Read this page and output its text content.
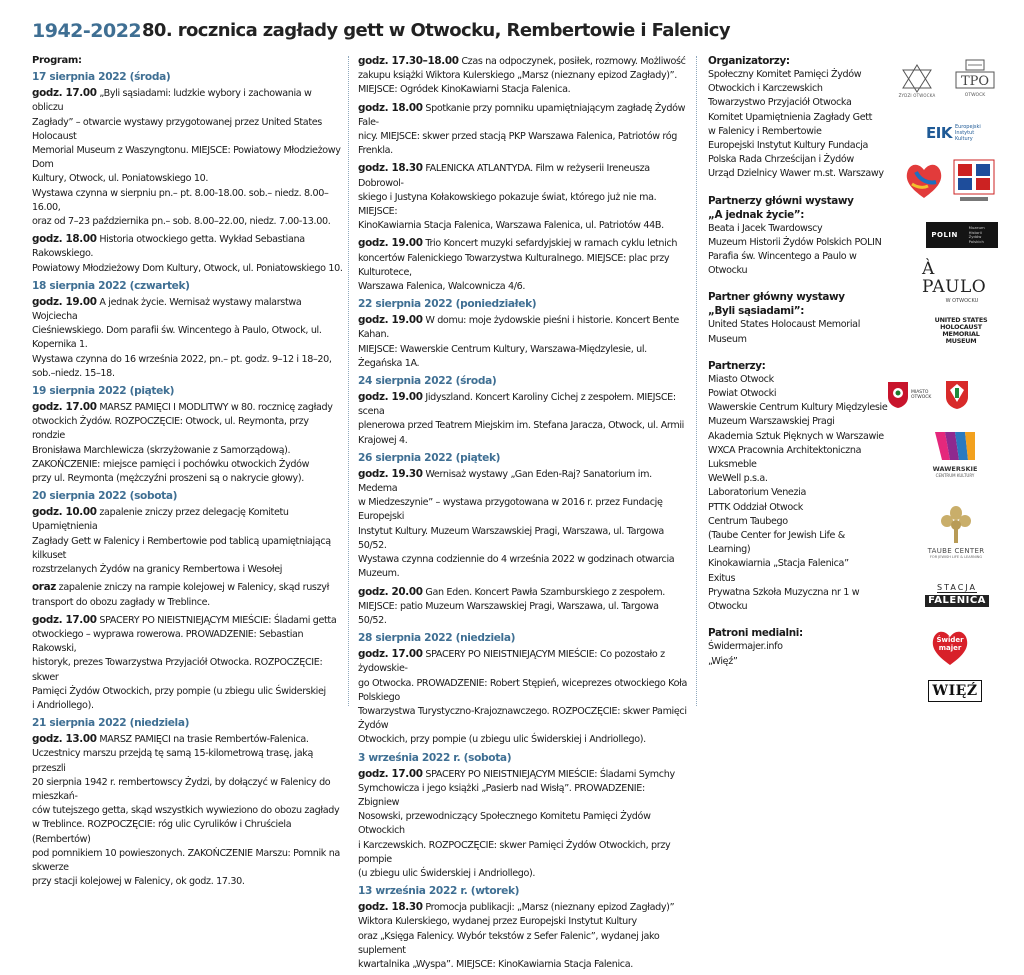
1942-2022 80. rocznica zagłady gett w Otwocku, Rembertowie i Falenicy
Program:
17 sierpnia 2022 (środa)

godz. 17.00 „Byli sąsiadami: ludzkie wybory i zachowania w obliczu

Zagłady” – otwarcie wystawy przygotowanej przez United States Holocaust

Memorial Museum z Waszyngtonu. MIEJSCE: Powiatowy Młodzieżowy Dom

Kultury, Otwock, ul. Poniatowskiego 10.

Wystawa czynna w sierpniu pn.– pt. 8.00-18.00. sob.– niedz. 8.00–16.00,

oraz od 7–23 października pn.– sob. 8.00–22.00, niedz. 7.00-13.00.

godz. 18.00 Historia otwockiego getta. Wykład Sebastiana Rakowskiego.

Powiatowy Młodzieżowy Dom Kultury, Otwock, ul. Poniatowskiego 10.

18 sierpnia 2022 (czwartek)

godz. 19.00 A jednak życie. Wernisaż wystawy malarstwa Wojciecha

Cieśniewskiego. Dom parafii św. Wincentego à Paulo, Otwock, ul. Kopernika 1.

Wystawa czynna do 16 września 2022, pn.– pt. godz. 9–12 i 18–20,

sob.–niedz. 15–18.

19 sierpnia 2022 (piątek)

godz. 17.00 MARSZ PAMIĘCI I MODLITWY w 80. rocznicę zagłady

otwockich Żydów. ROZPOCZĘCIE: Otwock, ul. Reymonta, przy rondzie

Bronisława Marchlewicza (skrzyżowanie z Samorządową).

ZAKOŃCZENIE: miejsce pamięci i pochówku otwockich Żydów

przy ul. Reymonta (mężczyźni proszeni są o nakrycie głowy).

20 sierpnia 2022 (sobota)

godz. 10.00 zapalenie zniczy przez delegację Komitetu Upamiętnienia

Zagłady Gett w Falenicy i Rembertowie pod tablicą upamiętniającą kilkuset

rozstrzelanych Żydów na granicy Rembertowa i Wesołej

oraz zapalenie zniczy na rampie kolejowej w Falenicy, skąd ruszył

transport do obozu zagłady w Treblince.

godz. 17.00 SPACERY PO NIEISTNIEJĄCYM MIEŚCIE: Śladami getta

otwockiego – wyprawa rowerowa. PROWADZENIE: Sebastian Rakowski,

historyk, prezes Towarzystwa Przyjaciół Otwocka. ROZPOCZĘCIE: skwer

Pamięci Żydów Otwockich, przy pompie (u zbiegu ulic Świderskiej

i Andriollego).

21 sierpnia 2022 (niedziela)

godz. 13.00 MARSZ PAMIĘCI na trasie Rembertów-Falenica.

Uczestnicy marszu przejdą tę samą 15-kilometrową trasę, jaką przeszli

20 sierpnia 1942 r. rembertowscy Żydzi, by dołączyć w Falenicy do mieszkań-

ców tutejszego getta, skąd wszystkich wywieziono do obozu zagłady

w Treblince. ROZPOCZĘCIE: róg ulic Cyrulików i Chruściela (Rembertów)

pod pomnikiem 10 powieszonych. ZAKOŃCZENIE Marszu: Pomnik na skwerze

przy stacji kolejowej w Falenicy, ok godz. 17.30.

godz. 17.30–18.00 Czas na odpoczynek, posiłek, rozmowy. Możliwość

zakupu książki Wiktora Kulerskiego „Marsz (nieznany epizod Zagłady)”.

MIEJSCE: Ogródek KinoKawiarni Stacja Falenica.

godz. 18.00 Spotkanie przy pomniku upamiętniającym zagładę Żydów Fale-

nicy. MIEJSCE: skwer przed stacją PKP Warszawa Falenica, Patriotów róg Frenkla.

godz. 18.30 FALENICKA ATLANTYDA. Film w reżyserii Ireneusza Dobrowol-

skiego i Justyna Kołakowskiego pokazuje świat, którego już nie ma. MIEJSCE:

KinoKawiarnia Stacja Falenica, Warszawa Falenica, ul. Patriotów 44B.

godz. 19.00 Trio Koncert muzyki sefardyjskiej w ramach cyklu letnich

koncertów Falenickiego Towarzystwa Kulturalnego. MIEJSCE: plac przy Kulturotece,

Warszawa Falenica, Walcownicza 4/6.

22 sierpnia 2022 (poniedziałek)

godz. 19.00 W domu: moje żydowskie pieśni i historie. Koncert Bente Kahan.

MIEJSCE: Wawerskie Centrum Kultury, Warszawa-Międzylesie, ul. Żegańska 1A.

24 sierpnia 2022 (środa)

godz. 19.00 Jidyszland. Koncert Karoliny Cichej z zespołem. MIEJSCE: scena

plenerowa przed Teatrem Miejskim im. Stefana Jaracza, Otwock, ul. Armii Krajowej 4.

26 sierpnia 2022 (piątek)

godz. 19.30 Wernisaż wystawy „Gan Eden-Raj? Sanatorium im. Medema

w Miedzeszynie” – wystawa przygotowana w 2016 r. przez Fundację Europejski

Instytut Kultury. Muzeum Warszawskiej Pragi, Warszawa, ul. Targowa 50/52.

Wystawa czynna codziennie do 4 września 2022 w godzinach otwarcia Muzeum.

godz. 20.00 Gan Eden. Koncert Pawła Szamburskiego z zespołem.

MIEJSCE: patio Muzeum Warszawskiej Pragi, Warszawa, ul. Targowa 50/52.

28 sierpnia 2022 (niedziela)

godz. 17.00 SPACERY PO NIEISTNIEJĄCYM MIEŚCIE: Co pozostało z żydowskie-

go Otwocka. PROWADZENIE: Robert Stępień, wiceprezes otwockiego Koła Polskiego

Towarzystwa Turystyczno-Krajoznawczego. ROZPOCZĘCIE: skwer Pamięci Żydów

Otwockich, przy pompie (u zbiegu ulic Świderskiej i Andriollego).

3 września 2022 r. (sobota)

godz. 17.00 SPACERY PO NIEISTNIEJĄCYM MIEŚCIE: Śladami Symchy

Symchowicza i jego książki „Pasierb nad Wisłą”. PROWADZENIE: Zbigniew

Nosowski, przewodniczący Społecznego Komitetu Pamięci Żydów Otwockich

i Karczewskich. ROZPOCZĘCIE: skwer Pamięci Żydów Otwockich, przy pompie

(u zbiegu ulic Świderskiej i Andriollego).

13 września 2022 r. (wtorek)

godz. 18.30 Promocja publikacji: „Marsz (nieznany epizod Zagłady)”

Wiktora Kulerskiego, wydanej przez Europejski Instytut Kultury

oraz „Księga Falenicy. Wybór tekstów z Sefer Falenic”, wydanej jako suplement

kwartalnika „Wyspa”. MIEJSCE: KinoKawiarnia Stacja Falenica.

Organizatorzy:

Społeczny Komitet Pamięci Żydów

Otwockich i Karczewskich

Towarzystwo Przyjaciół Otwocka

Komitet Upamiętnienia Zagłady Gett

w Falenicy i Rembertowie

Europejski Instytut Kultury Fundacja

Polska Rada Chrześcijan i Żydów

Urząd Dzielnicy Wawer m.st. Warszawy

Partnerzy główni wystawy
„A jednak życie”:

Beata i Jacek Twardowscy

Muzeum Historii Żydów Polskich POLIN

Parafia św. Wincentego a Paulo w Otwocku

Partner główny wystawy
„Byli sąsiadami”:

United States Holocaust Memorial Museum

Partnerzy:

Miasto Otwock

Powiat Otwocki

Wawerskie Centrum Kultury Międzylesie

Muzeum Warszawskiej Pragi

Akademia Sztuk Pięknych w Warszawie

WXCA Pracownia Architektoniczna

Luksmeble

WeWell p.s.a.

Laboratorium Venezia

PTTK Oddział Otwock

Centrum Taubego

(Taube Center for Jewish Life & Learning)

Kinokawiarnia „Stacja Falenica”

Exitus

Prywatna Szkoła Muzyczna nr 1 w Otwocku

Patroni medialni:

Świdermajer.info

„Więź”

ŻYDZI OTWOCKA
TPO
OTWOCK
EIK Europejski Instytut Kultury
POLIN
Muzeum Historii Żydów Polskich
À PAULO
W OTWOCKU
UNITED STATES HOLOCAUST MEMORIAL MUSEUM
MIASTO OTWOCK
WAWERSKIE
CENTRUM KULTURY
TAUBE CENTER
FOR JEWISH LIFE & LEARNING
STACJA
FALENICA
Świder majer
WIĘŹ
